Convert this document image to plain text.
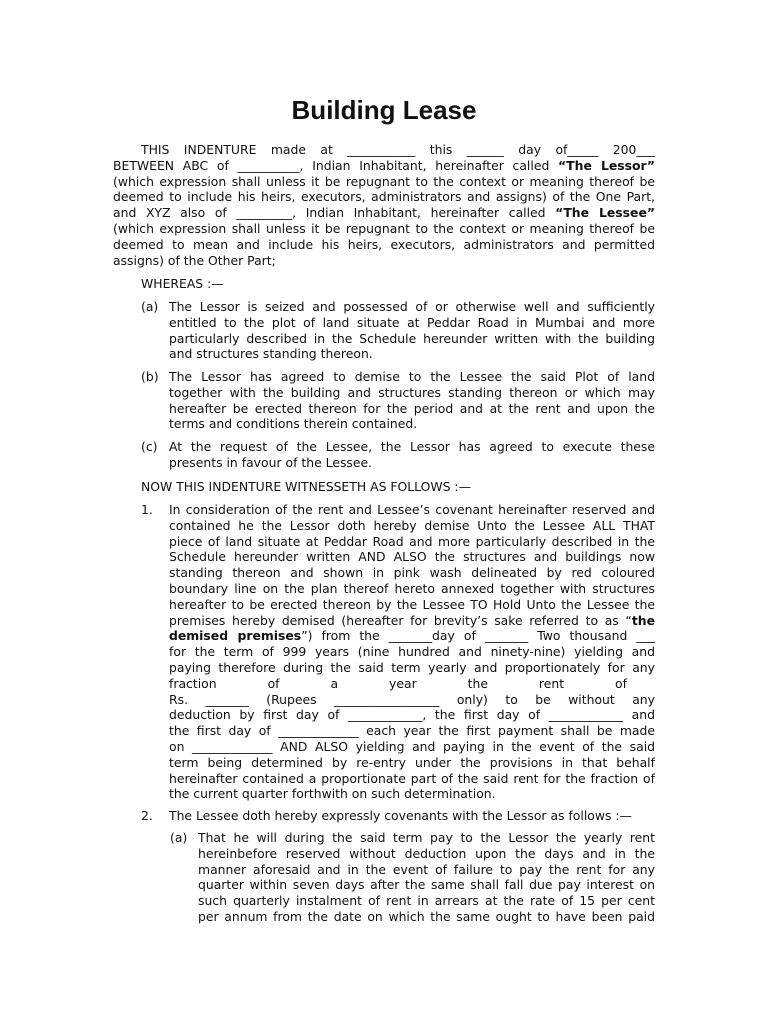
Building Lease
THIS INDENTURE made at ___________ this ______ day of_____ 200___
BETWEEN ABC of __________, Indian Inhabitant, hereinafter called “The Lessor”
(which expression shall unless it be repugnant to the context or meaning thereof be
deemed to include his heirs, executors, administrators and assigns) of the One Part,
and XYZ also of _________, Indian Inhabitant, hereinafter called “The Lessee”
(which expression shall unless it be repugnant to the context or meaning thereof be
deemed to mean and include his heirs, executors, administrators and permitted
assigns) of the Other Part;
WHEREAS :—
(a) The Lessor is seized and possessed of or otherwise well and sufficiently
entitled to the plot of land situate at Peddar Road in Mumbai and more
particularly described in the Schedule hereunder written with the building
and structures standing thereon.
(b) The Lessor has agreed to demise to the Lessee the said Plot of land
together with the building and structures standing thereon or which may
hereafter be erected thereon for the period and at the rent and upon the
terms and conditions therein contained.
(c) At the request of the Lessee, the Lessor has agreed to execute these
presents in favour of the Lessee.
NOW THIS INDENTURE WITNESSETH AS FOLLOWS :—
1. In consideration of the rent and Lessee’s covenant hereinafter reserved and
contained he the Lessor doth hereby demise Unto the Lessee ALL THAT
piece of land situate at Peddar Road and more particularly described in the
Schedule hereunder written AND ALSO the structures and buildings now
standing thereon and shown in pink wash delineated by red coloured
boundary line on the plan thereof hereto annexed together with structures
hereafter to be erected thereon by the Lessee TO Hold Unto the Lessee the
premises hereby demised (hereafter for brevity’s sake referred to as “the
demised premises”) from the _______day of _______ Two thousand ___
for the term of 999 years (nine hundred and ninety-nine) yielding and
paying therefore during the said term yearly and proportionately for any
fraction	of	a	year	the	rent	of
Rs. _______ (Rupees _________________ only) to be without any
deduction by first day of ____________, the first day of ____________ and
the first day of _____________ each year the first payment shall be made
on _____________ AND ALSO yielding and paying in the event of the said
term being determined by re-entry under the provisions in that behalf
hereinafter contained a proportionate part of the said rent for the fraction of
the current quarter forthwith on such determination.
2. The Lessee doth hereby expressly covenants with the Lessor as follows :—
(a) That he will during the said term pay to the Lessor the yearly rent
hereinbefore reserved without deduction upon the days and in the
manner aforesaid and in the event of failure to pay the rent for any
quarter within seven days after the same shall fall due pay interest on
such quarterly instalment of rent in arrears at the rate of 15 per cent
per annum from the date on which the same ought to have been paid
